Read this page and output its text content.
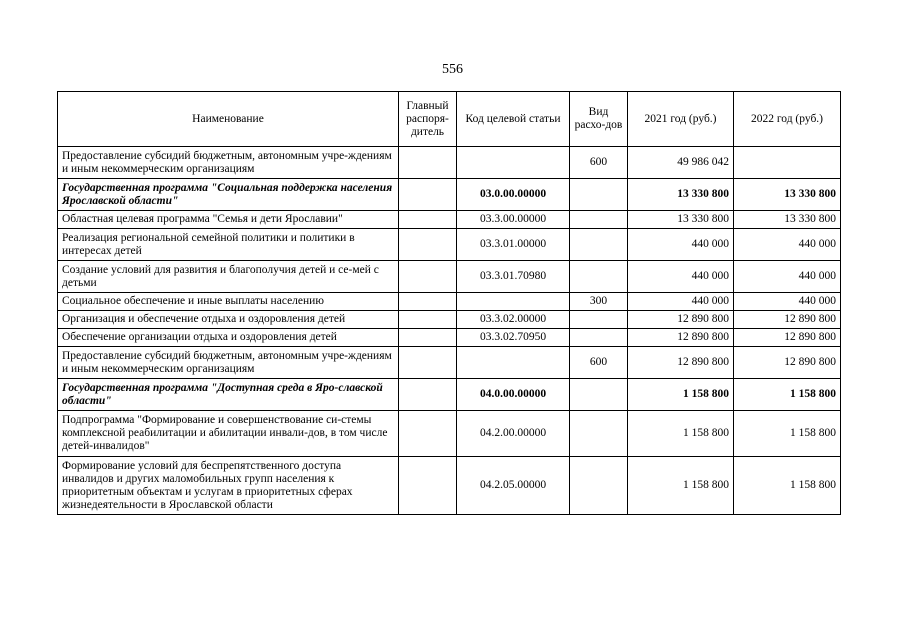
556
Наименование	Главный распоря-дитель	Код целевой статьи	Вид расхо-дов	2021 год (руб.)	2022 год (руб.)
Предоставление субсидий бюджетным, автономным учре-ждениям и иным некоммерческим организациям			600	49 986 042	
Государственная программа "Социальная поддержка населения Ярославской области"		03.0.00.00000		13 330 800	13 330 800
Областная целевая программа "Семья и дети Ярославии"		03.3.00.00000		13 330 800	13 330 800
Реализация региональной семейной политики и политики в интересах детей		03.3.01.00000		440 000	440 000
Создание условий для развития и благополучия детей и се-мей с детьми		03.3.01.70980		440 000	440 000
Социальное обеспечение и иные выплаты населению			300	440 000	440 000
Организация и обеспечение отдыха и оздоровления детей		03.3.02.00000		12 890 800	12 890 800
Обеспечение организации отдыха и оздоровления детей		03.3.02.70950		12 890 800	12 890 800
Предоставление субсидий бюджетным, автономным учре-ждениям и иным некоммерческим организациям			600	12 890 800	12 890 800
Государственная программа "Доступная среда в Яро-славской области"		04.0.00.00000		1 158 800	1 158 800
Подпрограмма "Формирование и совершенствование си-стемы комплексной реабилитации и абилитации инвали-дов, в том числе детей-инвалидов"		04.2.00.00000		1 158 800	1 158 800
Формирование условий для беспрепятственного доступа инвалидов и других маломобильных групп населения к приоритетным объектам и услугам в приоритетных сферах жизнедеятельности в Ярославской области		04.2.05.00000		1 158 800	1 158 800
